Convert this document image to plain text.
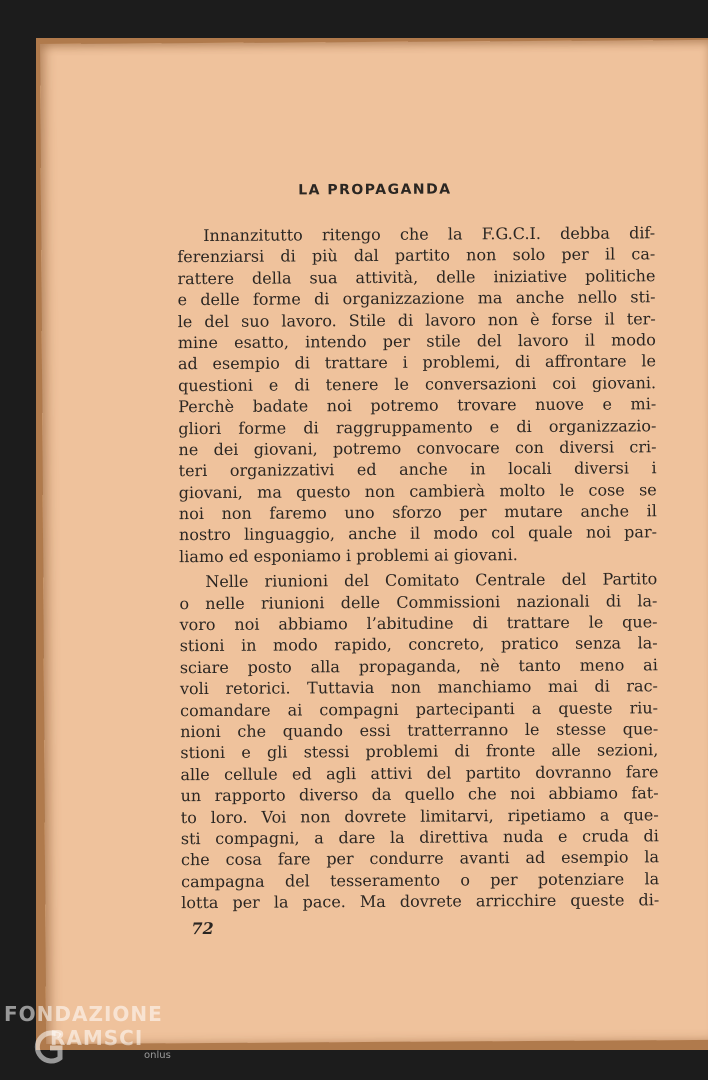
LA PROPAGANDA
Innanzitutto ritengo che la F.G.C.I. debba dif-
ferenziarsi di più dal partito non solo per il ca-
rattere della sua attività, delle iniziative politiche
e delle forme di organizzazione ma anche nello sti-
le del suo lavoro. Stile di lavoro non è forse il ter-
mine esatto, intendo per stile del lavoro il modo
ad esempio di trattare i problemi, di affrontare le
questioni e di tenere le conversazioni coi giovani.
Perchè badate noi potremo trovare nuove e mi-
gliori forme di raggruppamento e di organizzazio-
ne dei giovani, potremo convocare con diversi cri-
teri organizzativi ed anche in locali diversi i
giovani, ma questo non cambierà molto le cose se
noi non faremo uno sforzo per mutare anche il
nostro linguaggio, anche il modo col quale noi par-
liamo ed esponiamo i problemi ai giovani.
Nelle riunioni del Comitato Centrale del Partito
o nelle riunioni delle Commissioni nazionali di la-
voro noi abbiamo l’abitudine di trattare le que-
stioni in modo rapido, concreto, pratico senza la-
sciare posto alla propaganda, nè tanto meno ai
voli retorici. Tuttavia non manchiamo mai di rac-
comandare ai compagni partecipanti a queste riu-
nioni che quando essi tratterranno le stesse que-
stioni e gli stessi problemi di fronte alle sezioni,
alle cellule ed agli attivi del partito dovranno fare
un rapporto diverso da quello che noi abbiamo fat-
to loro. Voi non dovrete limitarvi, ripetiamo a que-
sti compagni, a dare la direttiva nuda e cruda di
che cosa fare per condurre avanti ad esempio la
campagna del tesseramento o per potenziare la
lotta per la pace. Ma dovrete arricchire queste di-
72
FONDAZIONE
RAMSCI
onlus
